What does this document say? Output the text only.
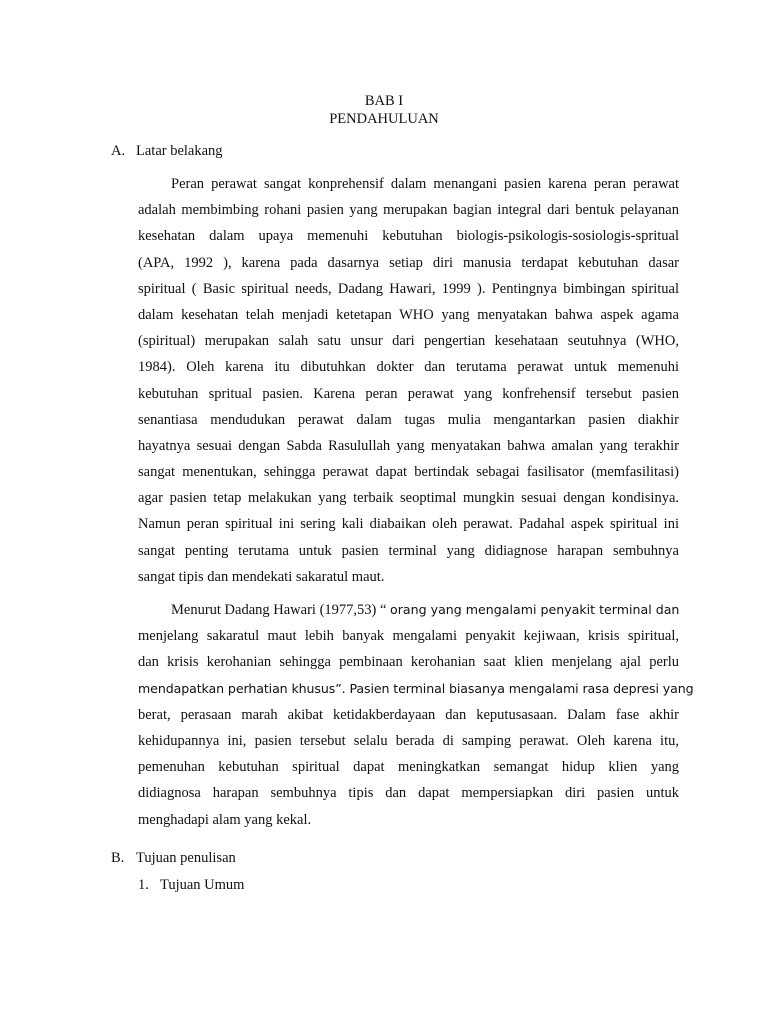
BAB I
PENDAHULUAN
A. Latar belakang
Peran perawat sangat konprehensif dalam menangani pasien karena peran perawat
adalah membimbing rohani pasien yang merupakan bagian integral dari bentuk pelayanan
kesehatan dalam upaya memenuhi kebutuhan biologis-psikologis-sosiologis-spritual
(APA, 1992 ), karena pada dasarnya setiap diri manusia terdapat kebutuhan dasar
spiritual ( Basic spiritual needs, Dadang Hawari, 1999 ). Pentingnya bimbingan spiritual
dalam kesehatan telah menjadi ketetapan WHO yang menyatakan bahwa aspek agama
(spiritual) merupakan salah satu unsur dari pengertian kesehataan seutuhnya (WHO,
1984). Oleh karena itu dibutuhkan dokter dan terutama perawat untuk memenuhi
kebutuhan spritual pasien. Karena peran perawat yang konfrehensif tersebut pasien
senantiasa mendudukan perawat dalam tugas mulia mengantarkan pasien diakhir
hayatnya sesuai dengan Sabda Rasulullah yang menyatakan bahwa amalan yang terakhir
sangat menentukan, sehingga perawat dapat bertindak sebagai fasilisator (memfasilitasi)
agar pasien tetap melakukan yang terbaik seoptimal mungkin sesuai dengan kondisinya.
Namun peran spiritual ini sering kali diabaikan oleh perawat. Padahal aspek spiritual ini
sangat penting terutama untuk pasien terminal yang didiagnose harapan sembuhnya
sangat tipis dan mendekati sakaratul maut.
Menurut Dadang Hawari (1977,53) “ orang yang mengalami penyakit terminal dan
menjelang sakaratul maut lebih banyak mengalami penyakit kejiwaan, krisis spiritual,
dan krisis kerohanian sehingga pembinaan kerohanian saat klien menjelang ajal perlu
mendapatkan perhatian khusus”. Pasien terminal biasanya mengalami rasa depresi yang
berat, perasaan marah akibat ketidakberdayaan dan keputusasaan. Dalam fase akhir
kehidupannya ini, pasien tersebut selalu berada di samping perawat. Oleh karena itu,
pemenuhan kebutuhan spiritual dapat meningkatkan semangat hidup klien yang
didiagnosa harapan sembuhnya tipis dan dapat mempersiapkan diri pasien untuk
menghadapi alam yang kekal.
B. Tujuan penulisan
1. Tujuan Umum
